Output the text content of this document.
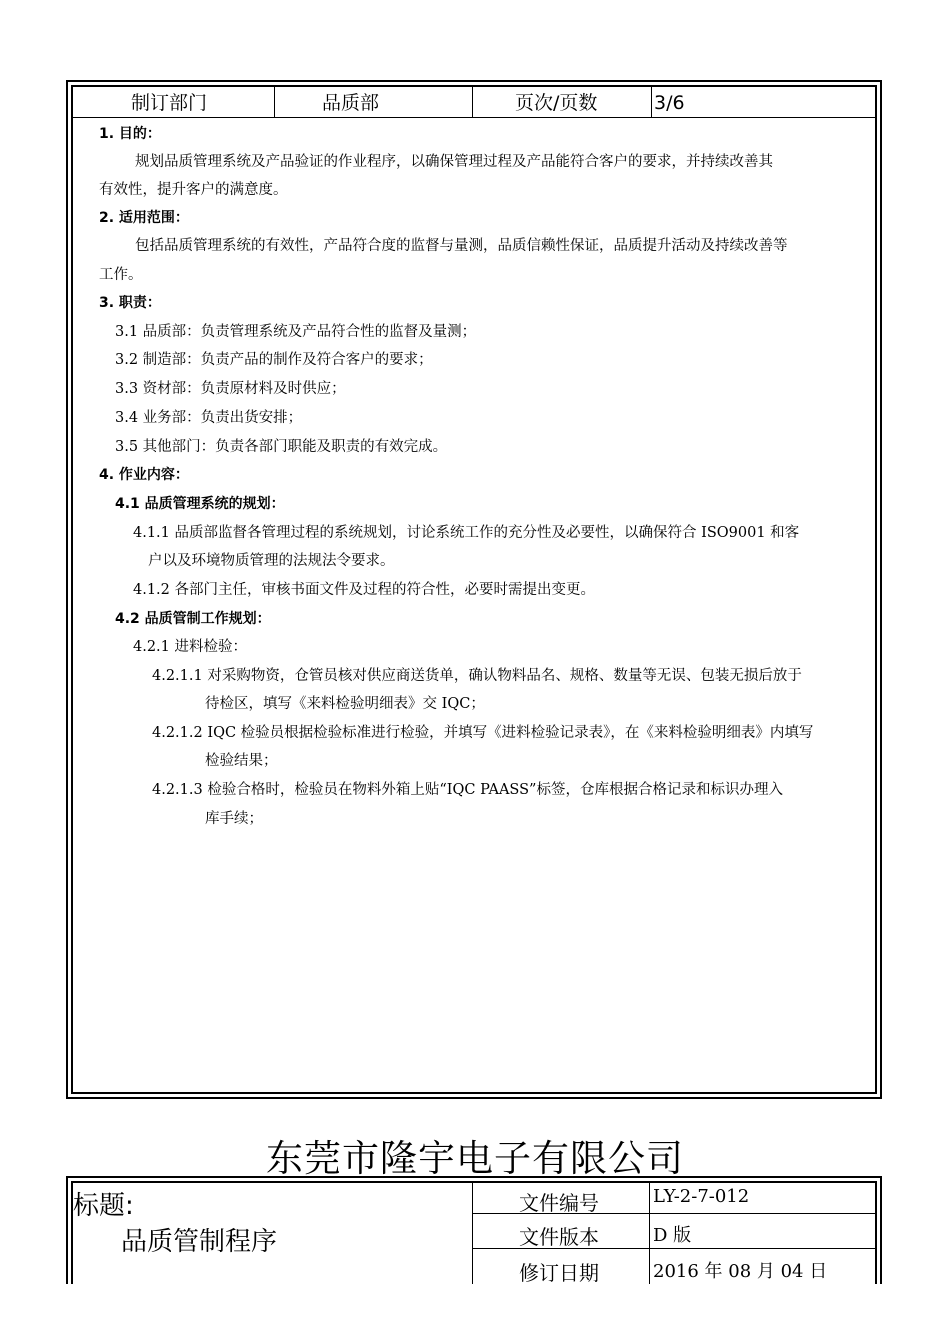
制订部门	品质部	页次/页数	3/6
1. 目的：
规划品质管理系统及产品验证的作业程序，以确保管理过程及产品能符合客户的要求，并持续改善其
有效性，提升客户的满意度。
2. 适用范围：
包括品质管理系统的有效性，产品符合度的监督与量测，品质信赖性保证，品质提升活动及持续改善等
工作。
3. 职责：
3.1 品质部：负责管理系统及产品符合性的监督及量测；
3.2 制造部：负责产品的制作及符合客户的要求；
3.3 资材部：负责原材料及时供应；
3.4 业务部：负责出货安排；
3.5 其他部门：负责各部门职能及职责的有效完成。
4. 作业内容：
4.1 品质管理系统的规划：
4.1.1 品质部监督各管理过程的系统规划，讨论系统工作的充分性及必要性，以确保符合 ISO9001 和客
户以及环境物质管理的法规法令要求。
4.1.2 各部门主任，审核书面文件及过程的符合性，必要时需提出变更。
4.2 品质管制工作规划：
4.2.1 进料检验：
4.2.1.1 对采购物资，仓管员核对供应商送货单，确认物料品名、规格、数量等无误、包装无损后放于
待检区，填写《来料检验明细表》交 IQC；
4.2.1.2 IQC 检验员根据检验标准进行检验，并填写《进料检验记录表》，在《来料检验明细表》内填写
检验结果；
4.2.1.3 检验合格时，检验员在物料外箱上贴“IQC PAASS”标签，仓库根据合格记录和标识办理入
库手续；
东莞市隆宇电子有限公司
标题:
品质管制程序
文件编号	LY-2-7-012
文件版本	D 版
修订日期	2016 年 08 月 04 日
